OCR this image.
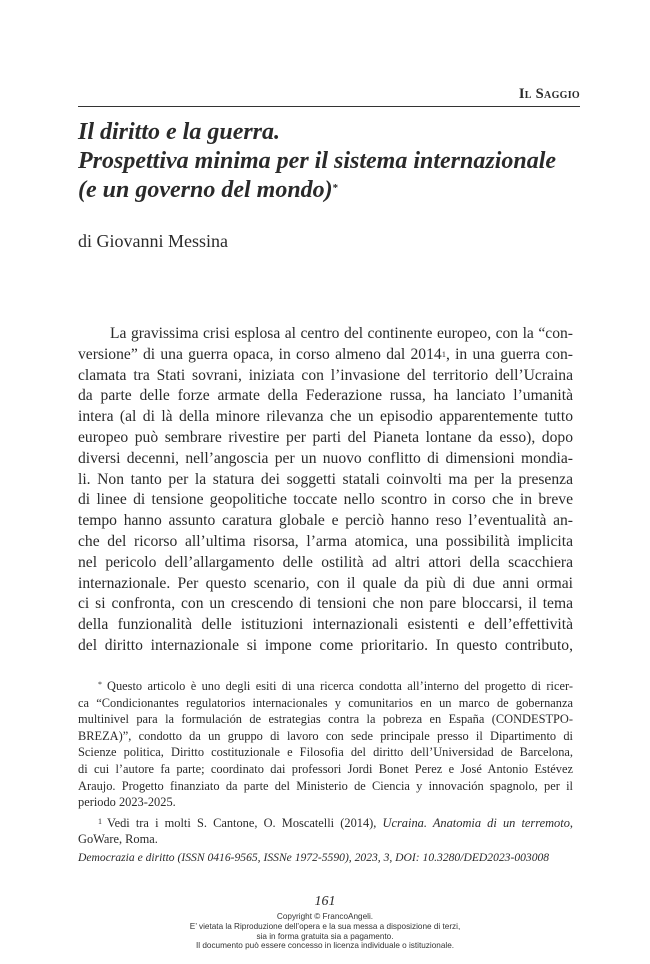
Il Saggio
Il diritto e la guerra.
Prospettiva minima per il sistema internazionale
(e un governo del mondo)*
di Giovanni Messina
La gravissima crisi esplosa al centro del continente europeo, con la “con-
versione” di una guerra opaca, in corso almeno dal 2014$^1$, in una guerra con-
clamata tra Stati sovrani, iniziata con l’invasione del territorio dell’Ucraina
da parte delle forze armate della Federazione russa, ha lanciato l’umanità
intera (al di là della minore rilevanza che un episodio apparentemente tutto
europeo può sembrare rivestire per parti del Pianeta lontane da esso), dopo
diversi decenni, nell’angoscia per un nuovo conflitto di dimensioni mondia-
li. Non tanto per la statura dei soggetti statali coinvolti ma per la presenza
di linee di tensione geopolitiche toccate nello scontro in corso che in breve
tempo hanno assunto caratura globale e perciò hanno reso l’eventualità an-
che del ricorso all’ultima risorsa, l’arma atomica, una possibilità implicita
nel pericolo dell’allargamento delle ostilità ad altri attori della scacchiera
internazionale. Per questo scenario, con il quale da più di due anni ormai
ci si confronta, con un crescendo di tensioni che non pare bloccarsi, il tema
della funzionalità delle istituzioni internazionali esistenti e dell’effettività
del diritto internazionale si impone come prioritario. In questo contributo,
* Questo articolo è uno degli esiti di una ricerca condotta all’interno del progetto di ricer-
ca “Condicionantes regulatorios internacionales y comunitarios en un marco de gobernanza
multinivel para la formulación de estrategias contra la pobreza en España (CONDESTPO-
BREZA)”, condotto da un gruppo di lavoro con sede principale presso il Dipartimento di
Scienze politica, Diritto costituzionale e Filosofia del diritto dell’Universidad de Barcelona,
di cui l’autore fa parte; coordinato dai professori Jordi Bonet Perez e José Antonio Estévez
Araujo. Progetto finanziato da parte del Ministerio de Ciencia y innovación spagnolo, per il
periodo 2023-2025.
$^1$ Vedi tra i molti S. Cantone, O. Moscatelli (2014), Ucraina. Anatomia di un terremoto,
GoWare, Roma.
Democrazia e diritto (ISSN 0416-9565, ISSNe 1972-5590), 2023, 3, DOI: 10.3280/DED2023-003008
161
Copyright © FrancoAngeli.
E’ vietata la Riproduzione dell’opera e la sua messa a disposizione di terzi,
sia in forma gratuita sia a pagamento.
Il documento può essere concesso in licenza individuale o istituzionale.
